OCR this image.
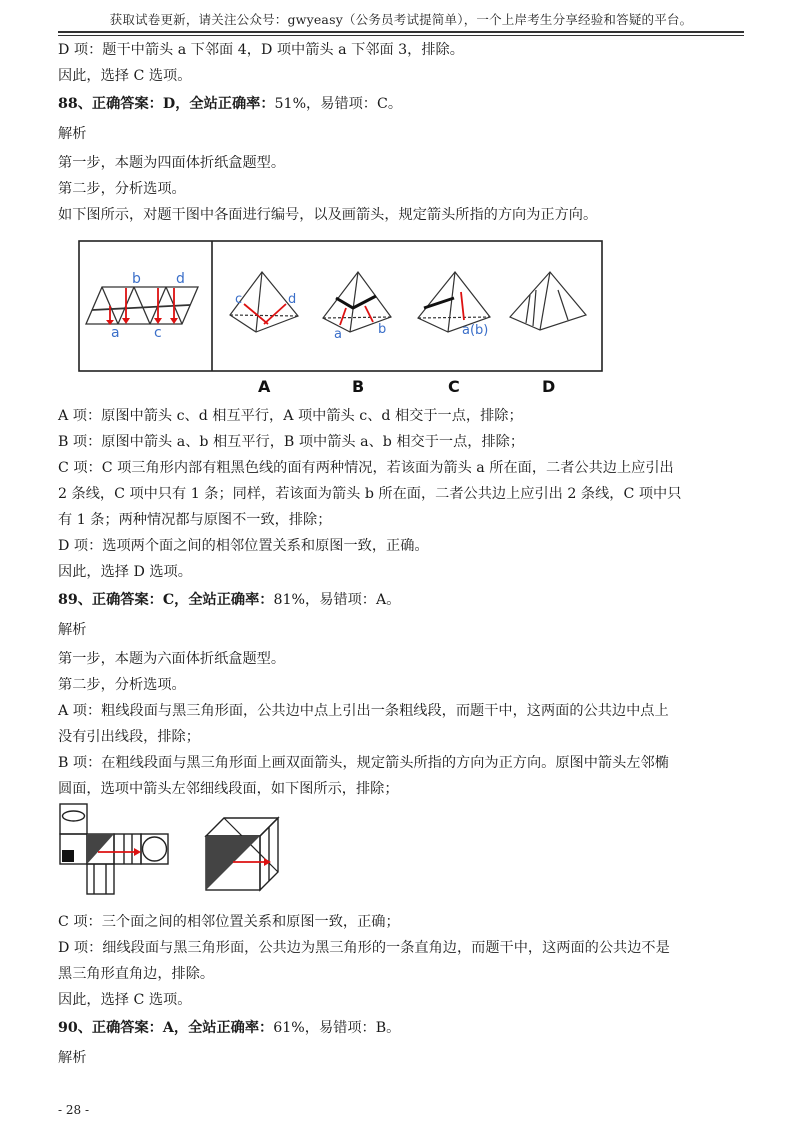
获取试卷更新，请关注公众号：gwyeasy（公务员考试提简单），一个上岸考生分享经验和答疑的平台。
D 项：题干中箭头 a 下邻面 4，D 项中箭头 a 下邻面 3，排除。
因此，选择 C 选项。
88、正确答案：D，全站正确率：51%，易错项：C。
解析
第一步，本题为四面体折纸盒题型。
第二步，分析选项。
如下图所示，对题干图中各面进行编号，以及画箭头，规定箭头所指的方向为正方向。
a
b
c
d
c	d
a	b	a(b)
A	B	C	D
A 项：原图中箭头 c、d 相互平行，A 项中箭头 c、d 相交于一点，排除；
B 项：原图中箭头 a、b 相互平行，B 项中箭头 a、b 相交于一点，排除；
C 项：C 项三角形内部有粗黑色线的面有两种情况，若该面为箭头 a 所在面，二者公共边上应引出
2 条线，C 项中只有 1 条；同样，若该面为箭头 b 所在面，二者公共边上应引出 2 条线，C 项中只
有 1 条；两种情况都与原图不一致，排除；
D 项：选项两个面之间的相邻位置关系和原图一致，正确。
因此，选择 D 选项。
89、正确答案：C，全站正确率：81%，易错项：A。
解析
第一步，本题为六面体折纸盒题型。
第二步，分析选项。
A 项：粗线段面与黑三角形面，公共边中点上引出一条粗线段，而题干中，这两面的公共边中点上
没有引出线段，排除；
B 项：在粗线段面与黑三角形面上画双面箭头，规定箭头所指的方向为正方向。原图中箭头左邻椭
圆面，选项中箭头左邻细线段面，如下图所示，排除；
C 项：三个面之间的相邻位置关系和原图一致，正确；
D 项：细线段面与黑三角形面，公共边为黑三角形的一条直角边，而题干中，这两面的公共边不是
黑三角形直角边，排除。
因此，选择 C 选项。
90、正确答案：A，全站正确率：61%，易错项：B。
解析
- 28 -
